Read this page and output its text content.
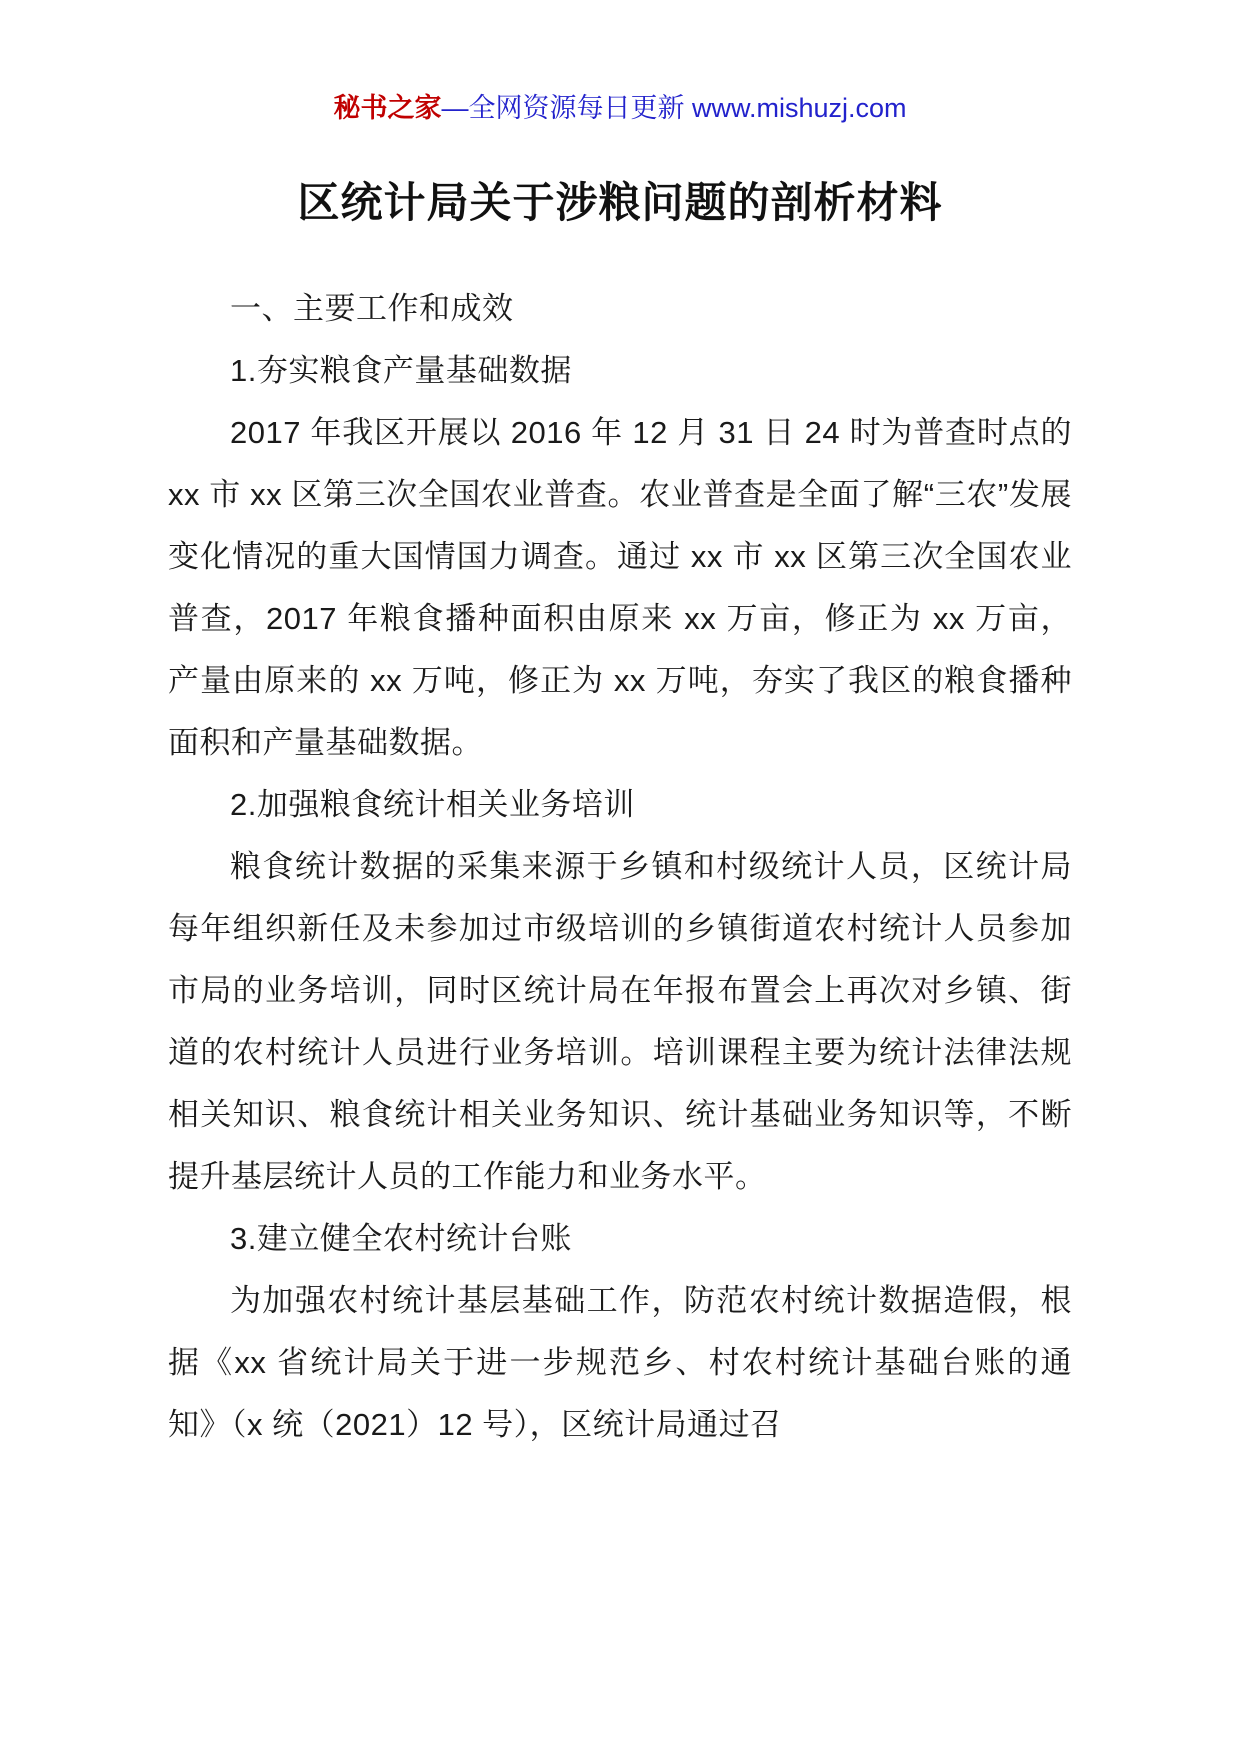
秘书之家—全网资源每日更新 www.mishuzj.com
区统计局关于涉粮问题的剖析材料

一、主要工作和成效

1.夯实粮食产量基础数据

2017 年我区开展以 2016 年 12 月 31 日 24 时为普查时点的 xx 市 xx 区第三次全国农业普查。农业普查是全面了解“三农”发展变化情况的重大国情国力调查。通过 xx 市 xx 区第三次全国农业普查，2017 年粮食播种面积由原来 xx 万亩，修正为 xx 万亩，产量由原来的 xx 万吨，修正为 xx 万吨，夯实了我区的粮食播种面积和产量基础数据。

2.加强粮食统计相关业务培训

粮食统计数据的采集来源于乡镇和村级统计人员，区统计局每年组织新任及未参加过市级培训的乡镇街道农村统计人员参加市局的业务培训，同时区统计局在年报布置会上再次对乡镇、街道的农村统计人员进行业务培训。培训课程主要为统计法律法规相关知识、粮食统计相关业务知识、统计基础业务知识等，不断提升基层统计人员的工作能力和业务水平。

3.建立健全农村统计台账

为加强农村统计基层基础工作，防范农村统计数据造假，根据《xx 省统计局关于进一步规范乡、村农村统计基础台账的通知》（x 统（2021）12 号），区统计局通过召
